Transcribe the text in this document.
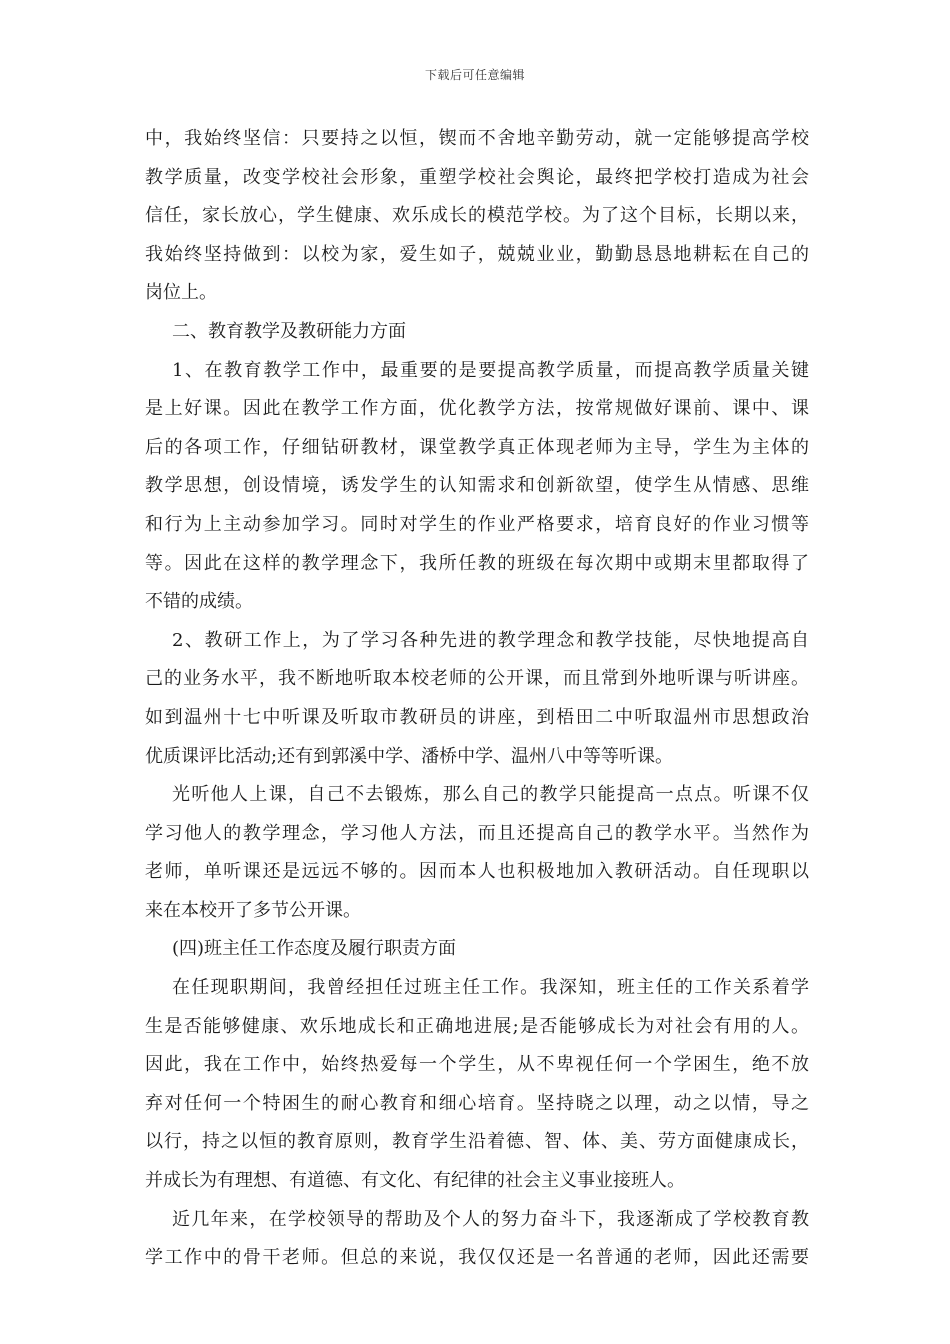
下载后可任意编辑
中，我始终坚信：只要持之以恒，锲而不舍地辛勤劳动，就一定能够提高学校
教学质量，改变学校社会形象，重塑学校社会舆论，最终把学校打造成为社会
信任，家长放心，学生健康、欢乐成长的模范学校。为了这个目标，长期以来，
我始终坚持做到：以校为家，爱生如子，兢兢业业，勤勤恳恳地耕耘在自己的
岗位上。
二、教育教学及教研能力方面
1、在教育教学工作中，最重要的是要提高教学质量，而提高教学质量关键
是上好课。因此在教学工作方面，优化教学方法，按常规做好课前、课中、课
后的各项工作，仔细钻研教材，课堂教学真正体现老师为主导，学生为主体的
教学思想，创设情境，诱发学生的认知需求和创新欲望，使学生从情感、思维
和行为上主动参加学习。同时对学生的作业严格要求，培育良好的作业习惯等
等。因此在这样的教学理念下，我所任教的班级在每次期中或期末里都取得了
不错的成绩。
2、教研工作上，为了学习各种先进的教学理念和教学技能，尽快地提高自
己的业务水平，我不断地听取本校老师的公开课，而且常到外地听课与听讲座。
如到温州十七中听课及听取市教研员的讲座，到梧田二中听取温州市思想政治
优质课评比活动;还有到郭溪中学、潘桥中学、温州八中等等听课。
光听他人上课，自己不去锻炼，那么自己的教学只能提高一点点。听课不仅
学习他人的教学理念，学习他人方法，而且还提高自己的教学水平。当然作为
老师，单听课还是远远不够的。因而本人也积极地加入教研活动。自任现职以
来在本校开了多节公开课。
(四)班主任工作态度及履行职责方面
在任现职期间，我曾经担任过班主任工作。我深知，班主任的工作关系着学
生是否能够健康、欢乐地成长和正确地进展;是否能够成长为对社会有用的人。
因此，我在工作中，始终热爱每一个学生，从不卑视任何一个学困生，绝不放
弃对任何一个特困生的耐心教育和细心培育。坚持晓之以理，动之以情，导之
以行，持之以恒的教育原则，教育学生沿着德、智、体、美、劳方面健康成长，
并成长为有理想、有道德、有文化、有纪律的社会主义事业接班人。
近几年来，在学校领导的帮助及个人的努力奋斗下，我逐渐成了学校教育教
学工作中的骨干老师。但总的来说，我仅仅还是一名普通的老师，因此还需要
